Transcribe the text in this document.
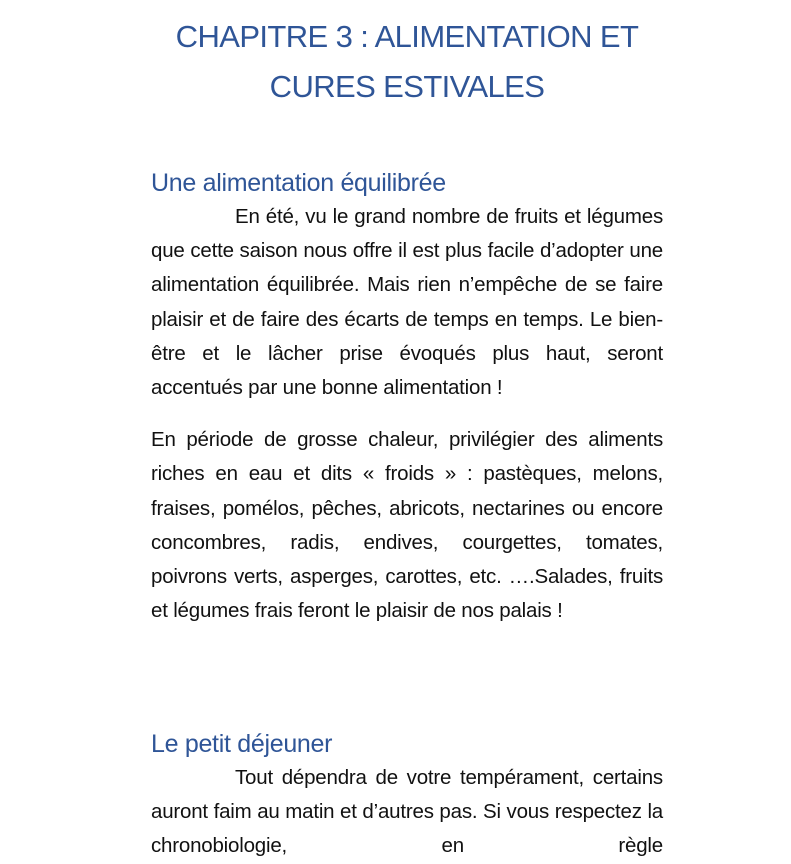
CHAPITRE 3 : ALIMENTATION ET
CURES ESTIVALES
Une alimentation équilibrée

En été, vu le grand nombre de fruits et légumes que cette saison nous offre il est plus facile d’adopter une alimentation équilibrée. Mais rien n’empêche de se faire plaisir et de faire des écarts de temps en temps. Le bien-être et le lâcher prise évoqués plus haut, seront accentués par une bonne alimentation !

En période de grosse chaleur, privilégier des aliments riches en eau et dits « froids » : pastèques, melons, fraises, pomélos, pêches, abricots, nectarines ou encore concombres, radis, endives, courgettes, tomates, poivrons verts, asperges, carottes, etc. ….Salades, fruits et légumes frais feront le plaisir de nos palais !

Le petit déjeuner

Tout dépendra de votre tempérament, certains auront faim au matin et d’autres pas. Si vous respectez la chronobiologie, en règle
